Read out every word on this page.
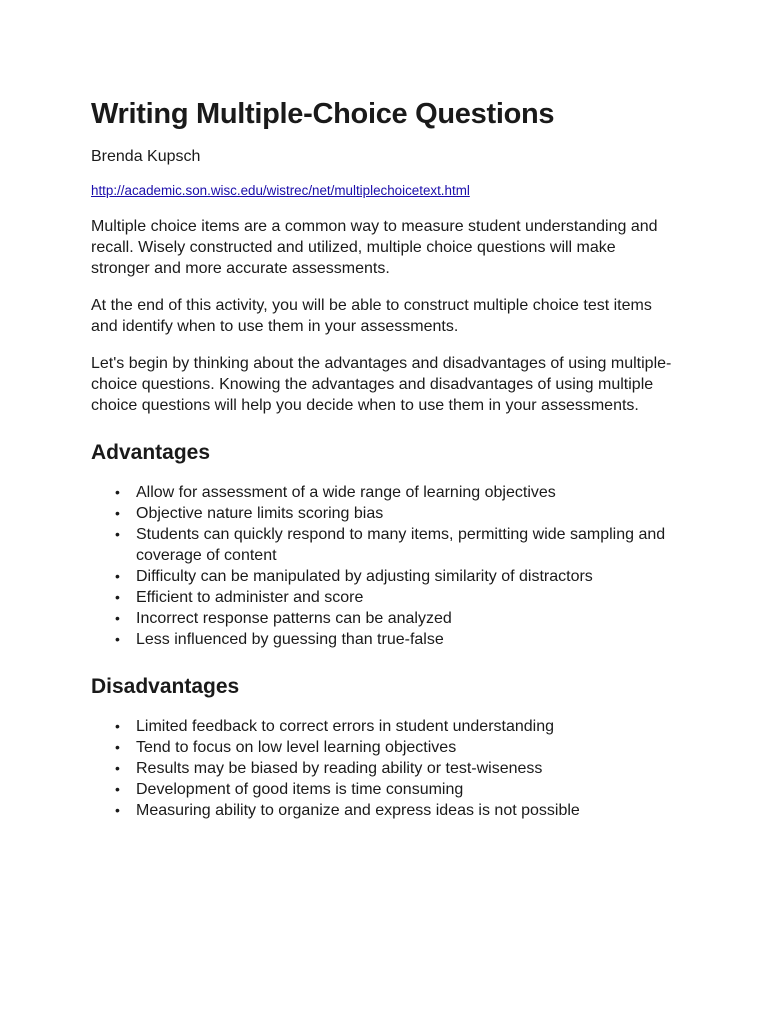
Writing Multiple-Choice Questions
Brenda Kupsch
http://academic.son.wisc.edu/wistrec/net/multiplechoicetext.html

Multiple choice items are a common way to measure student understanding and recall. Wisely constructed and utilized, multiple choice questions will make stronger and more accurate assessments.

At the end of this activity, you will be able to construct multiple choice test items and identify when to use them in your assessments.

Let's begin by thinking about the advantages and disadvantages of using multiple-choice questions. Knowing the advantages and disadvantages of using multiple choice questions will help you decide when to use them in your assessments.

Advantages
• Allow for assessment of a wide range of learning objectives
• Objective nature limits scoring bias
• Students can quickly respond to many items, permitting wide sampling and coverage of content
• Difficulty can be manipulated by adjusting similarity of distractors
• Efficient to administer and score
• Incorrect response patterns can be analyzed
• Less influenced by guessing than true-false
Disadvantages
• Limited feedback to correct errors in student understanding
• Tend to focus on low level learning objectives
• Results may be biased by reading ability or test-wiseness
• Development of good items is time consuming
• Measuring ability to organize and express ideas is not possible
